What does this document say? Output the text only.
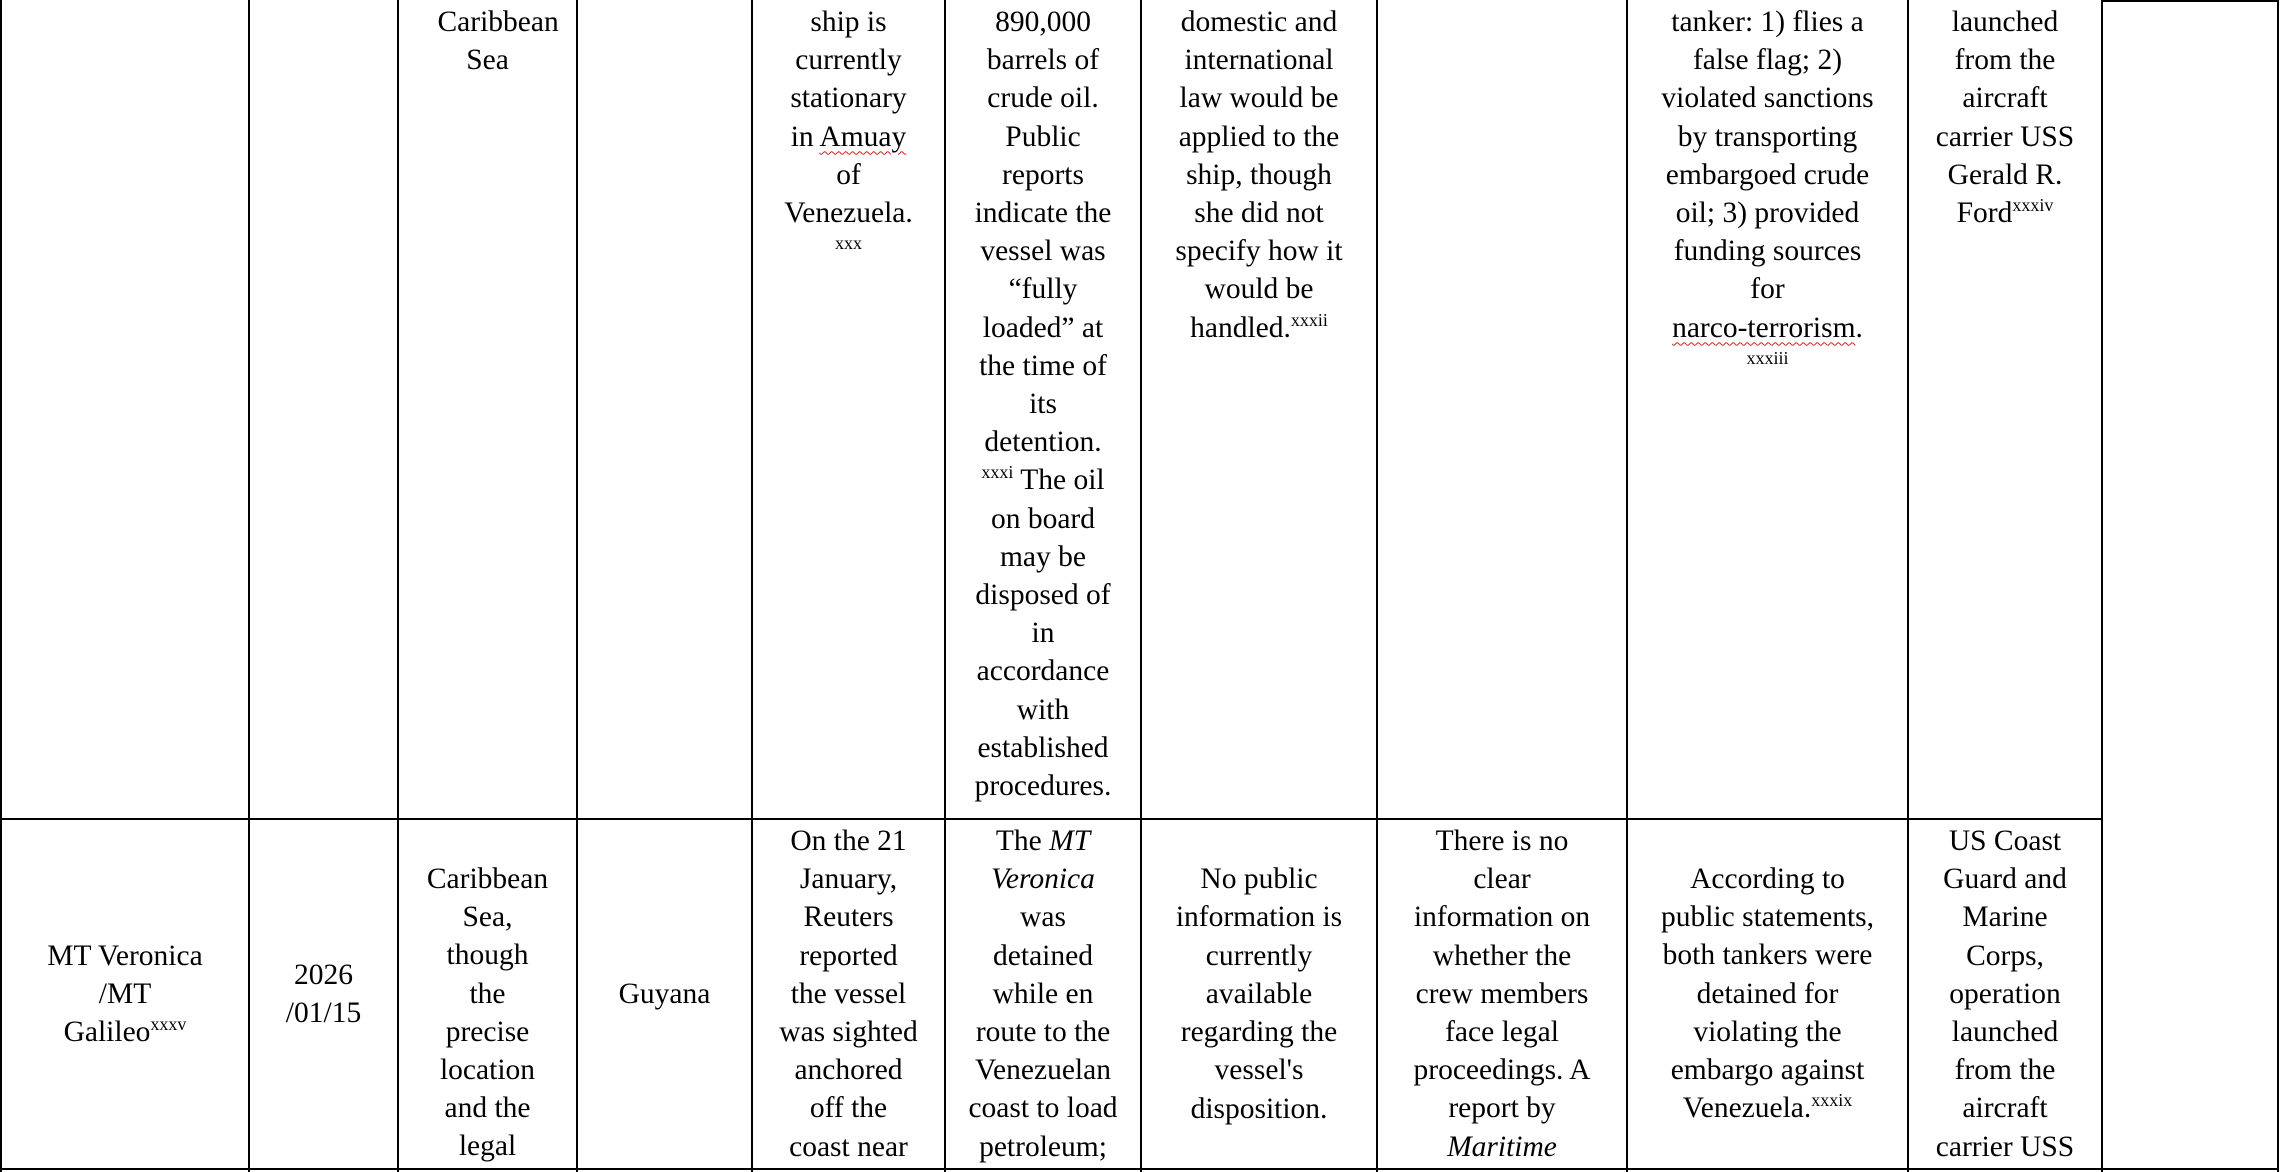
Caribbean Sea

ship is

currently

stationary

in Amuay

of

Venezuela.

xxx

890,000

barrels of

crude oil.

Public

reports

indicate the

vessel was

“fully

loaded” at

the time of

its

detention.

$^{xxxi}$ The oil

on board

may be

disposed of

in

accordance

with

established

procedures.

domestic and

international

law would be

applied to the

ship, though

she did not

specify how it

would be

handled.$^{xxxii}$

tanker: 1) flies a

false flag; 2)

violated sanctions

by transporting

embargoed crude

oil; 3) provided

funding sources

for

narco-terrorism.

xxxiii

launched

from the

aircraft

carrier USS

Gerald R.

Ford$^{xxxiv}$

MT Veronica

/MT

Galileo$^{xxxv}$

2026

/01/15

Caribbean

Sea,

though

the

precise

location

and the

legal

Guyana

On the 21

January,

Reuters

reported

the vessel

was sighted

anchored

off the

coast near

The MT

Veronica

was

detained

while en

route to the

Venezuelan

coast to load

petroleum;

No public

information is

currently

available

regarding the

vessel's

disposition.

There is no

clear

information on

whether the

crew members

face legal

proceedings. A

report by

Maritime

According to

public statements,

both tankers were

detained for

violating the

embargo against

Venezuela.$^{xxxix}$

US Coast

Guard and

Marine

Corps,

operation

launched

from the

aircraft

carrier USS
